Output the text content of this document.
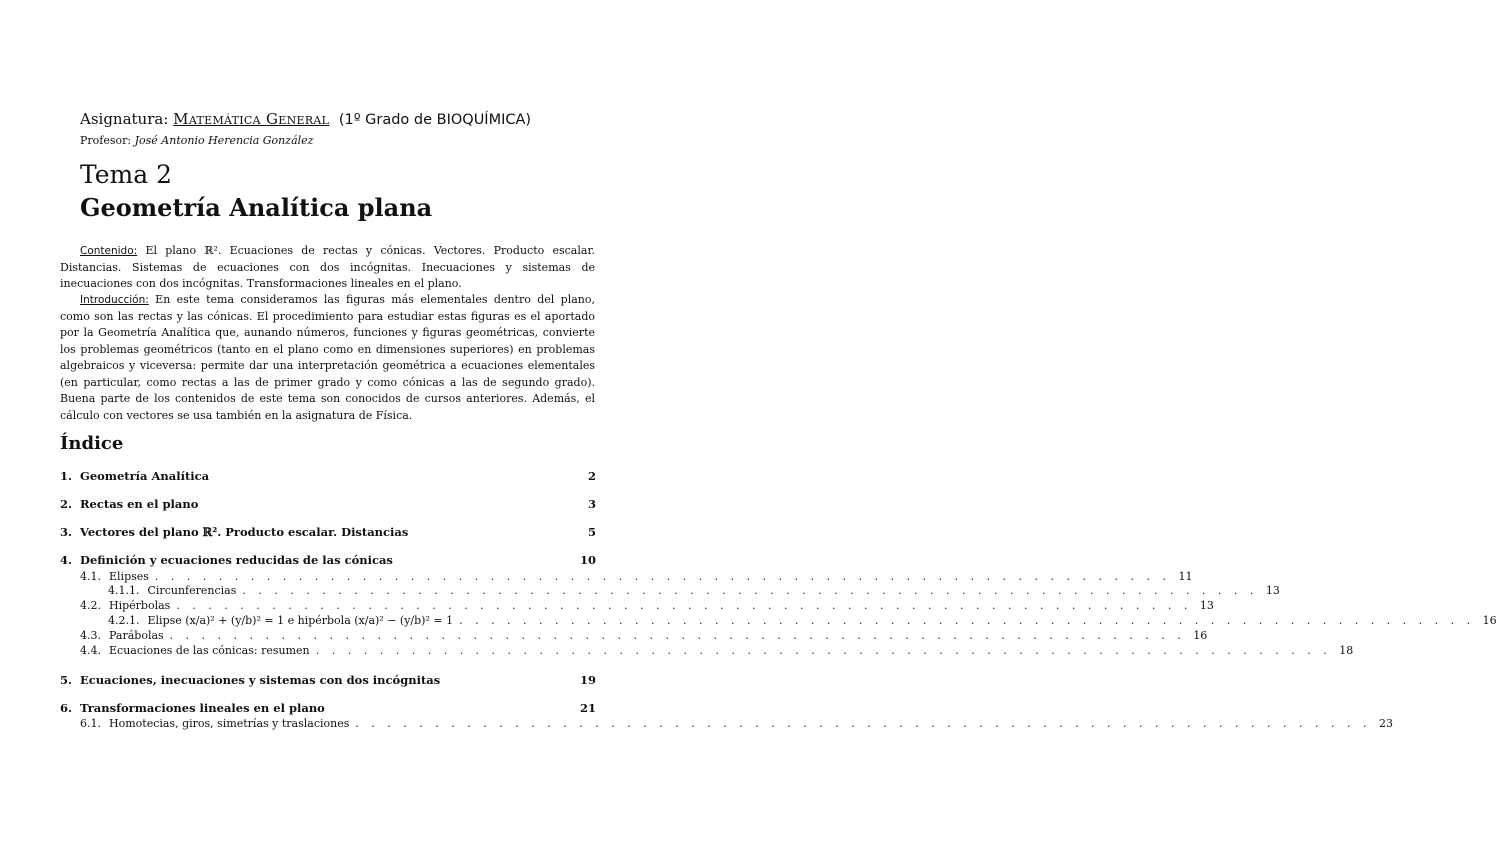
Asignatura: Matemática General (1º Grado de BIOQUÍMICA)
Profesor: José Antonio Herencia González
Tema 2
Geometría Analítica plana
Contenido: El plano ℝ². Ecuaciones de rectas y cónicas. Vectores. Producto escalar. Distancias. Sistemas de ecuaciones con dos incógnitas. Inecuaciones y sistemas de inecuaciones con dos incógnitas. Transformaciones lineales en el plano.
Introducción: En este tema consideramos las figuras más elementales dentro del plano, como son las rectas y las cónicas. El procedimiento para estudiar estas figuras es el aportado por la Geometría Analítica que, aunando números, funciones y figuras geométricas, convierte los problemas geométricos (tanto en el plano como en dimensiones superiores) en problemas algebraicos y viceversa: permite dar una interpretación geométrica a ecuaciones elementales (en particular, como rectas a las de primer grado y como cónicas a las de segundo grado). Buena parte de los contenidos de este tema son conocidos de cursos anteriores. Además, el cálculo con vectores se usa también en la asignatura de Física.
Índice
1. Geometría Analítica	2
2. Rectas en el plano	3
3. Vectores del plano ℝ². Producto escalar. Distancias	5
4. Definición y ecuaciones reducidas de las cónicas	10
4.1. Elipses . . . . . . . . . . . . . . . . . . . . . . . . . . . . . . . . . . . . . . . . . . . . . . . . . . . . . . . . . . . . . . . . 11
4.1.1. Circunferencias . . . . . . . . . . . . . . . . . . . . . . . . . . . . . . . . . . . . . . . . . . . . . . . . . . . . . . . . . . . . . . . . 13
4.2. Hipérbolas . . . . . . . . . . . . . . . . . . . . . . . . . . . . . . . . . . . . . . . . . . . . . . . . . . . . . . . . . . . . . . . . 13
4.2.1. Elipse (x/a)² + (y/b)² = 1 e hipérbola (x/a)² − (y/b)² = 1 . . . . . . . . . . . . . . . . . . . . . . . . . . . . . . . . . . . . . . . . . . . . . . . . . . . . . . . . . . . . . . . . 16
4.3. Parábolas . . . . . . . . . . . . . . . . . . . . . . . . . . . . . . . . . . . . . . . . . . . . . . . . . . . . . . . . . . . . . . . . 16
4.4. Ecuaciones de las cónicas: resumen . . . . . . . . . . . . . . . . . . . . . . . . . . . . . . . . . . . . . . . . . . . . . . . . . . . . . . . . . . . . . . . . 18
5. Ecuaciones, inecuaciones y sistemas con dos incógnitas	19
6. Transformaciones lineales en el plano	21
6.1. Homotecias, giros, simetrías y traslaciones . . . . . . . . . . . . . . . . . . . . . . . . . . . . . . . . . . . . . . . . . . . . . . . . . . . . . . . . . . . . . . . . 23
